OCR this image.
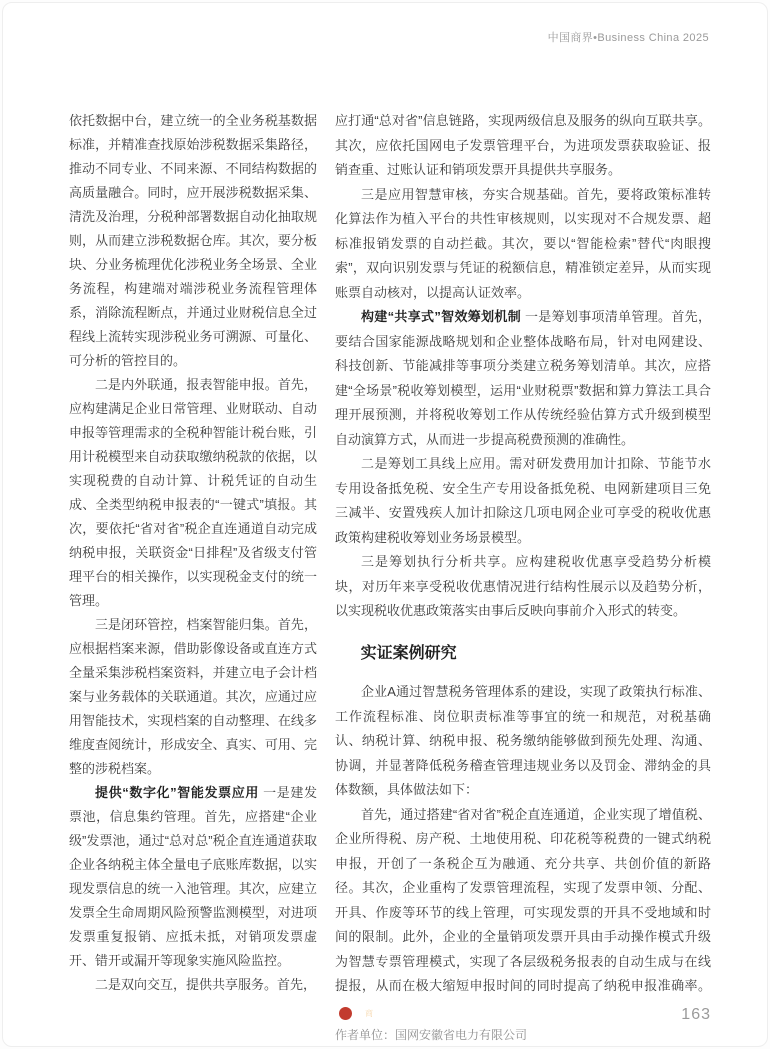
中国商界•Business China 2025

依托数据中台，建立统一的全业务税基数据标准，并精准查找原始涉税数据采集路径，推动不同专业、不同来源、不同结构数据的高质量融合。同时，应开展涉税数据采集、清洗及治理，分税种部署数据自动化抽取规则，从而建立涉税数据仓库。其次，要分板块、分业务梳理优化涉税业务全场景、全业务流程，构建端对端涉税业务流程管理体系，消除流程断点，并通过业财税信息全过程线上流转实现涉税业务可溯源、可量化、可分析的管控目的。

二是内外联通，报表智能申报。首先，应构建满足企业日常管理、业财联动、自动申报等管理需求的全税种智能计税台账，引用计税模型来自动获取缴纳税款的依据，以实现税费的自动计算、计税凭证的自动生成、全类型纳税申报表的“一键式”填报。其次，要依托“省对省”税企直连通道自动完成纳税申报，关联资金“日排程”及省级支付管理平台的相关操作，以实现税金支付的统一管理。

三是闭环管控，档案智能归集。首先，应根据档案来源，借助影像设备或直连方式全量采集涉税档案资料，并建立电子会计档案与业务载体的关联通道。其次，应通过应用智能技术，实现档案的自动整理、在线多维度查阅统计，形成安全、真实、可用、完整的涉税档案。

提供“数字化”智能发票应用 一是建发票池，信息集约管理。首先，应搭建“企业级”发票池，通过“总对总”税企直连通道获取企业各纳税主体全量电子底账库数据，以实现发票信息的统一入池管理。其次，应建立发票全生命周期风险预警监测模型，对进项发票重复报销、应抵未抵，对销项发票虚开、错开或漏开等现象实施风险监控。

二是双向交互，提供共享服务。首先，

应打通“总对省”信息链路，实现两级信息及服务的纵向互联共享。其次，应依托国网电子发票管理平台，为进项发票获取验证、报销查重、过账认证和销项发票开具提供共享服务。

三是应用智慧审核，夯实合规基础。首先，要将政策标准转化算法作为植入平台的共性审核规则，以实现对不合规发票、超标准报销发票的自动拦截。其次，要以“智能检索”替代“肉眼搜索”，双向识别发票与凭证的税额信息，精准锁定差异，从而实现账票自动核对，以提高认证效率。

构建“共享式”智效筹划机制 一是筹划事项清单管理。首先，要结合国家能源战略规划和企业整体战略布局，针对电网建设、科技创新、节能减排等事项分类建立税务筹划清单。其次，应搭建“全场景”税收筹划模型，运用“业财税票”数据和算力算法工具合理开展预测，并将税收筹划工作从传统经验估算方式升级到模型自动演算方式，从而进一步提高税费预测的准确性。

二是筹划工具线上应用。需对研发费用加计扣除、节能节水专用设备抵免税、安全生产专用设备抵免税、电网新建项目三免三减半、安置残疾人加计扣除这几项电网企业可享受的税收优惠政策构建税收筹划业务场景模型。

三是筹划执行分析共享。应构建税收优惠享受趋势分析模块，对历年来享受税收优惠情况进行结构性展示以及趋势分析，以实现税收优惠政策落实由事后反映向事前介入形式的转变。

实证案例研究

企业A通过智慧税务管理体系的建设，实现了政策执行标准、工作流程标准、岗位职责标准等事宜的统一和规范，对税基确认、纳税计算、纳税申报、税务缴纳能够做到预先处理、沟通、协调，并显著降低税务稽查管理违规业务以及罚金、滞纳金的具体数额，具体做法如下：

首先，通过搭建“省对省”税企直连通道，企业实现了增值税、企业所得税、房产税、土地使用税、印花税等税费的一键式纳税申报，开创了一条税企互为融通、充分共享、共创价值的新路径。其次，企业重构了发票管理流程，实现了发票申领、分配、开具、作废等环节的线上管理，可实现发票的开具不受地域和时间的限制。此外，企业的全量销项发票开具由手动操作模式升级为智慧专票管理模式，实现了各层级税务报表的自动生成与在线提报，从而在极大缩短申报时间的同时提高了纳税申报准确率。商

作者单位：国网安徽省电力有限公司

163
